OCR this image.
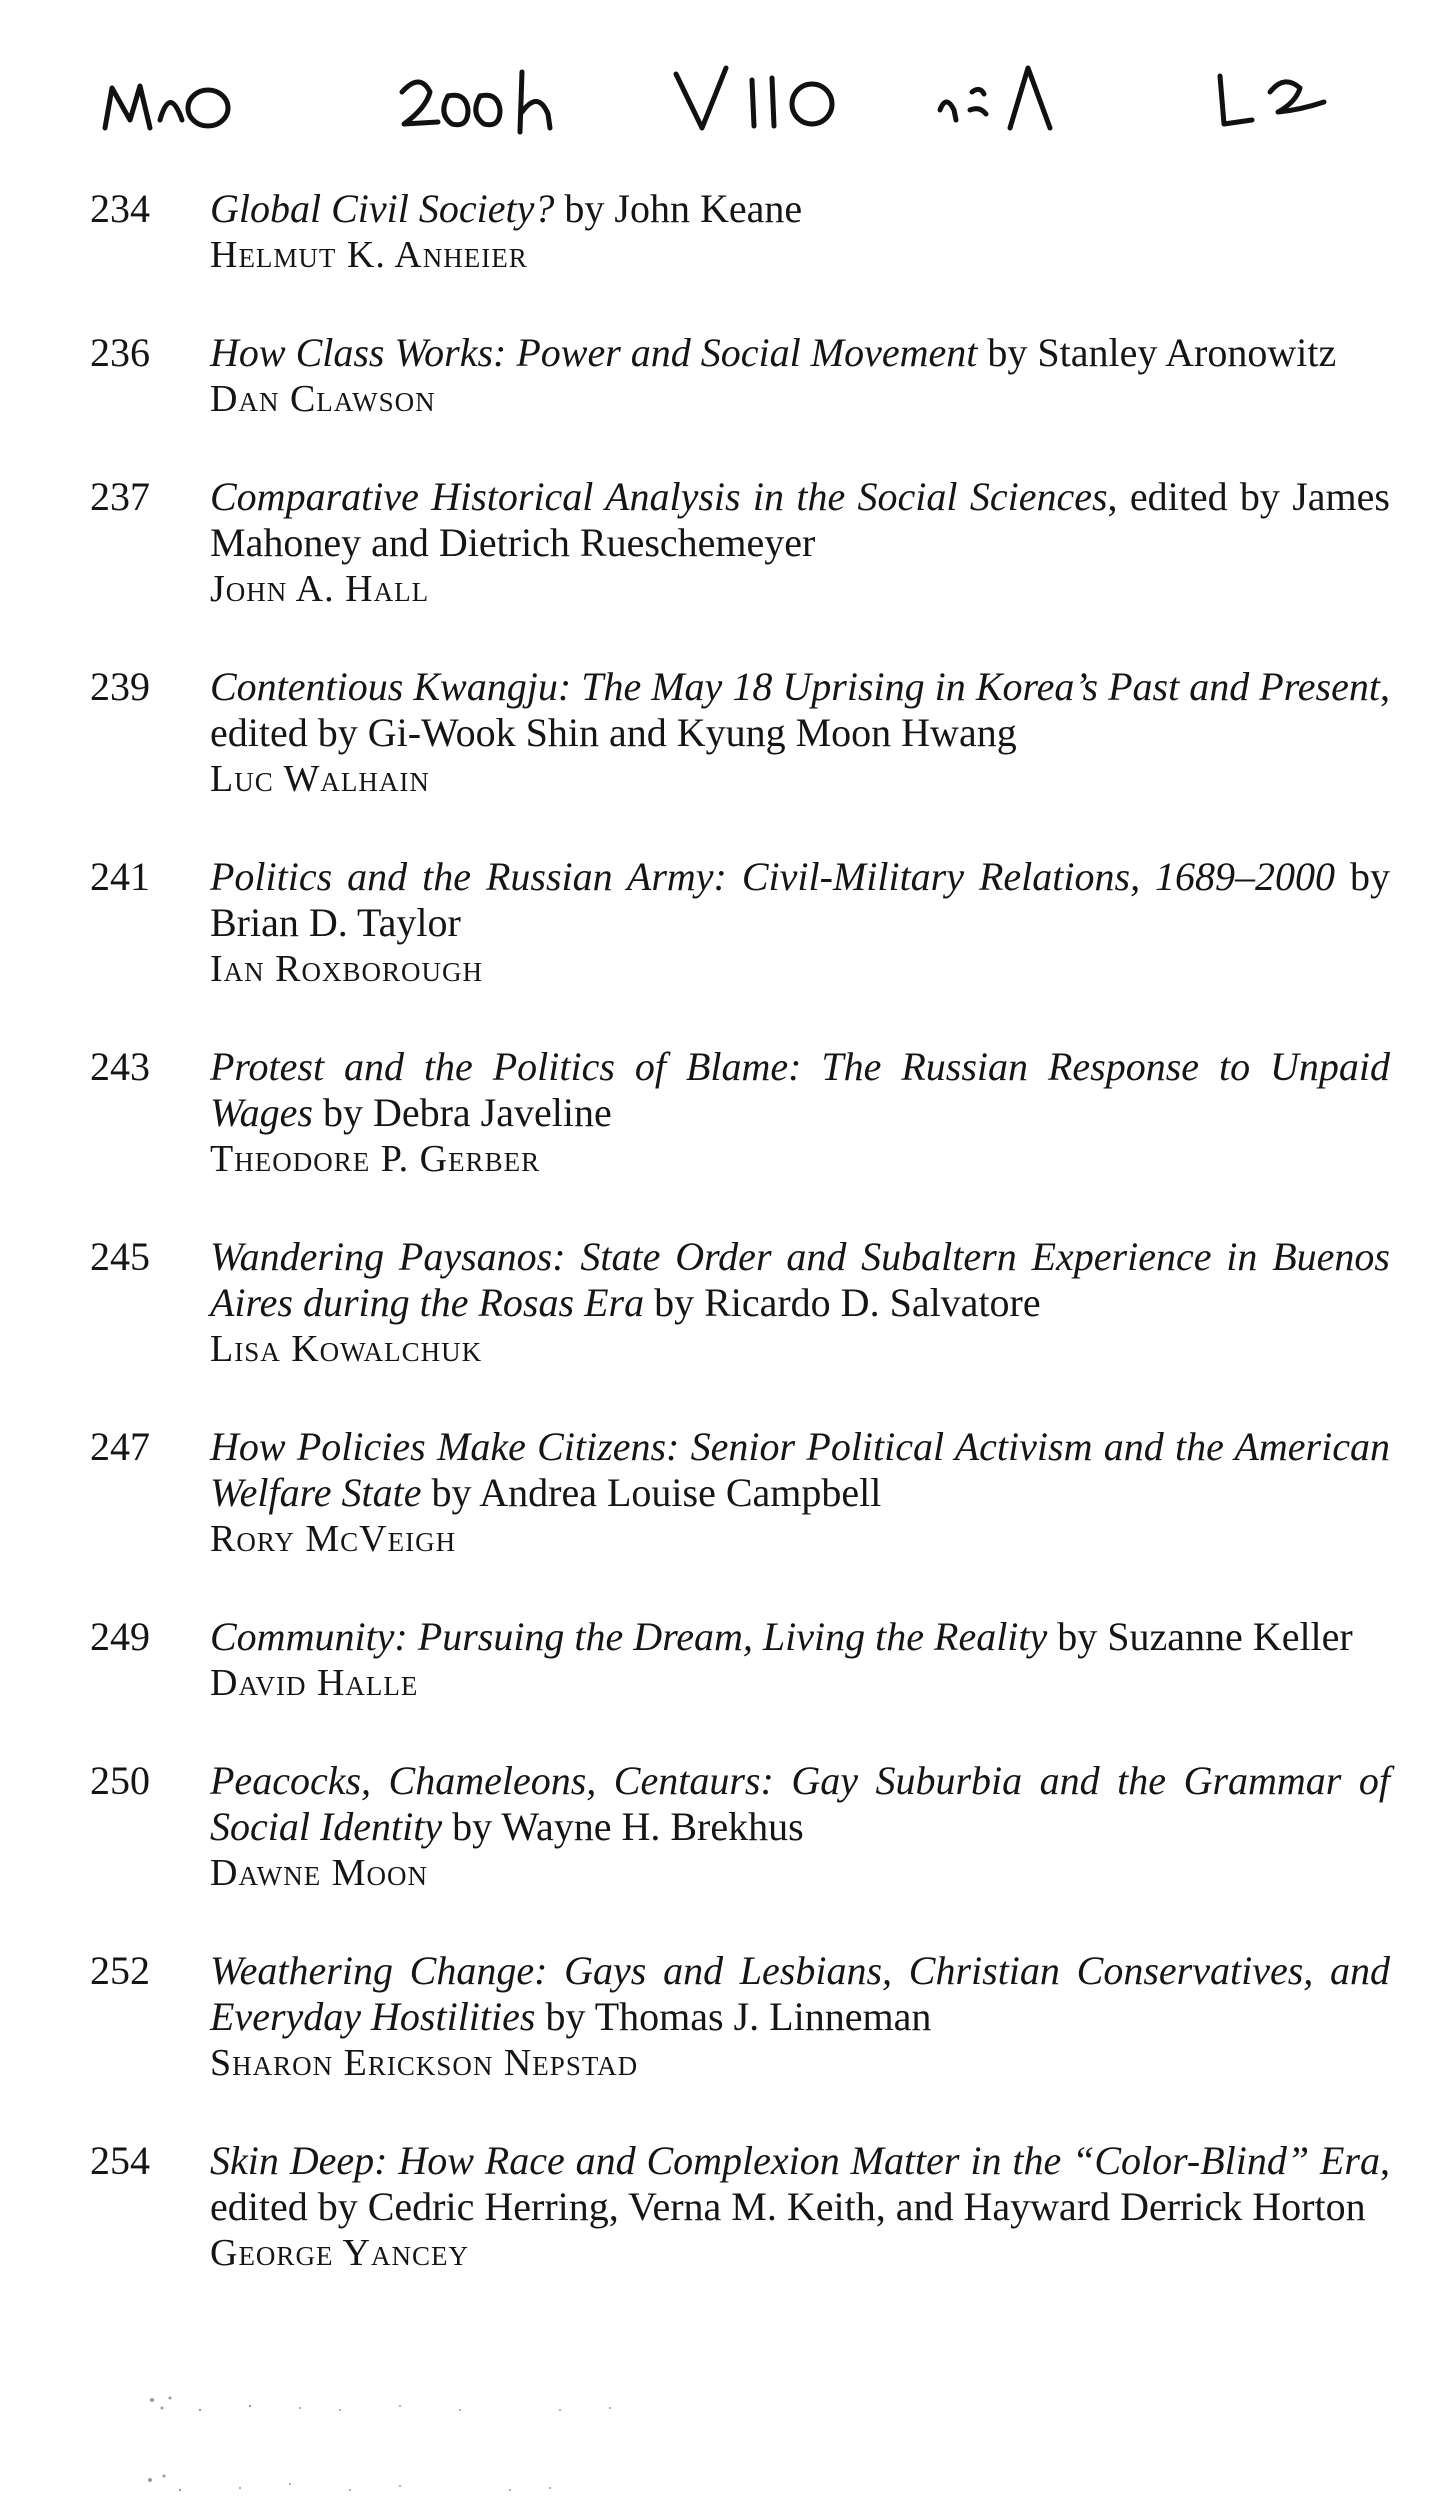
234	Global Civil Society? by John Keane
Helmut K. Anheier
236	How Class Works: Power and Social Movement by Stanley Aronowitz
Dan Clawson
237	Comparative Historical Analysis in the Social Sciences, edited by James Mahoney and Dietrich Rueschemeyer
John A. Hall
239	Contentious Kwangju: The May 18 Uprising in Korea’s Past and Present, edited by Gi-Wook Shin and Kyung Moon Hwang
Luc Walhain
241	Politics and the Russian Army: Civil-Military Relations, 1689–2000 by Brian D. Taylor
Ian Roxborough
243	Protest and the Politics of Blame: The Russian Response to Unpaid Wages by Debra Javeline
Theodore P. Gerber
245	Wandering Paysanos: State Order and Subaltern Experience in Buenos Aires during the Rosas Era by Ricardo D. Salvatore
Lisa Kowalchuk
247	How Policies Make Citizens: Senior Political Activism and the American Welfare State by Andrea Louise Campbell
Rory McVeigh
249	Community: Pursuing the Dream, Living the Reality by Suzanne Keller
David Halle
250	Peacocks, Chameleons, Centaurs: Gay Suburbia and the Grammar of Social Identity by Wayne H. Brekhus
Dawne Moon
252	Weathering Change: Gays and Lesbians, Christian Conservatives, and Everyday Hostilities by Thomas J. Linneman
Sharon Erickson Nepstad
254	Skin Deep: How Race and Complexion Matter in the “Color-Blind” Era, edited by Cedric Herring, Verna M. Keith, and Hayward Derrick Horton
George Yancey
